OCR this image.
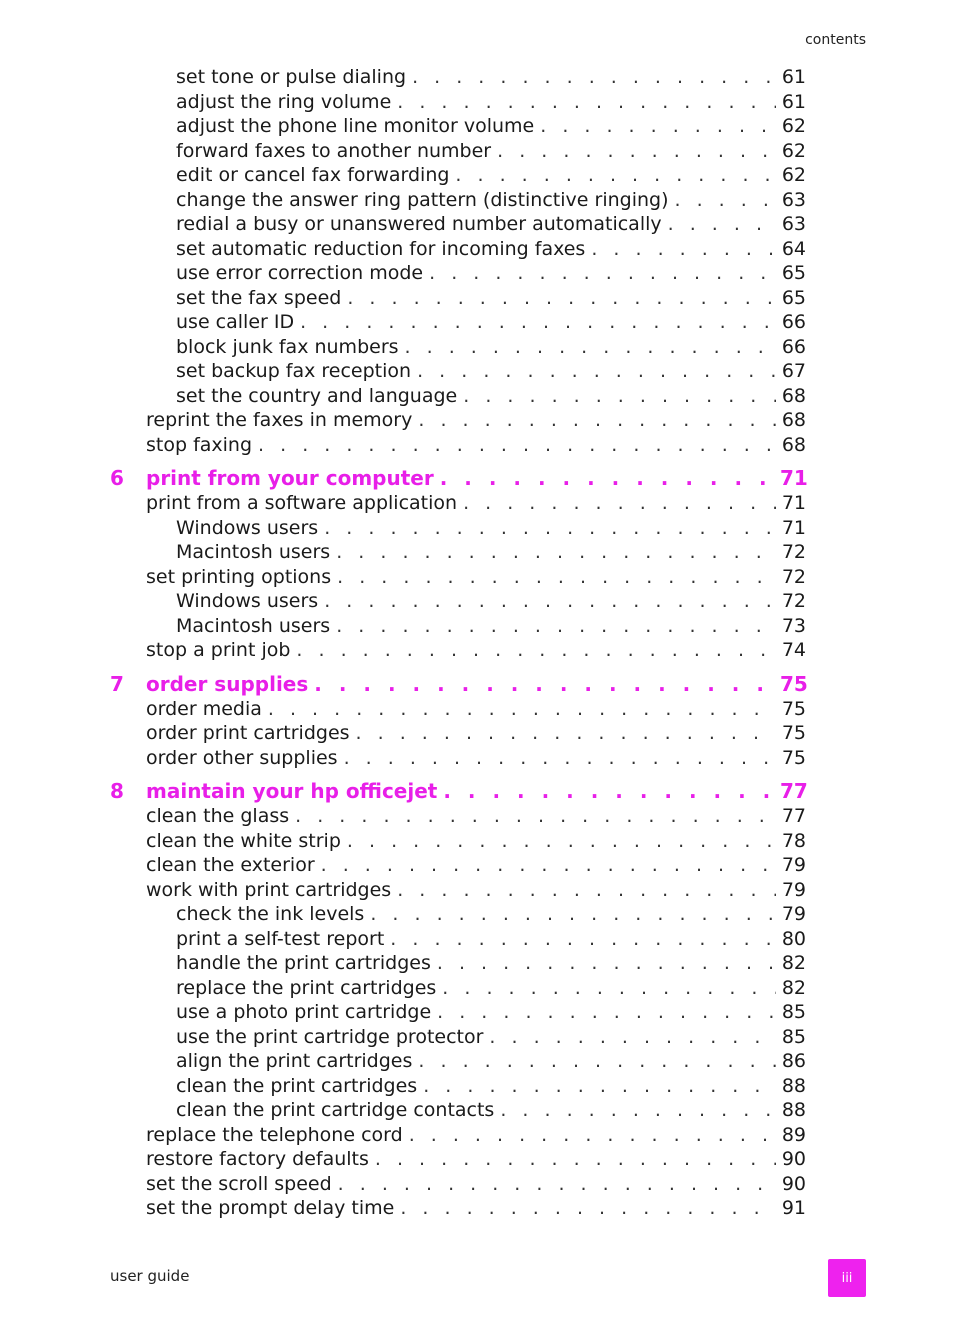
contents
set tone or pulse dialing . . .	61
adjust the ring volume . . .	61
adjust the phone line monitor volume . . .	62
forward faxes to another number . . .	62
edit or cancel fax forwarding . . .	62
change the answer ring pattern (distinctive ringing) . . .	63
redial a busy or unanswered number automatically . . .	63
set automatic reduction for incoming faxes . . .	64
use error correction mode . . .	65
set the fax speed . . .	65
use caller ID . . .	66
block junk fax numbers . . .	66
set backup fax reception . . .	67
set the country and language . . .	68
reprint the faxes in memory . . .	68
stop faxing . . .	68
6	print from your computer . . .	71
print from a software application . . .	71
Windows users . . .	71
Macintosh users . . .	72
set printing options . . .	72
Windows users . . .	72
Macintosh users . . .	73
stop a print job . . .	74
7	order supplies . . .	75
order media . . .	75
order print cartridges . . .	75
order other supplies . . .	75
8	maintain your hp officejet . . .	77
clean the glass . . .	77
clean the white strip . . .	78
clean the exterior . . .	79
work with print cartridges . . .	79
check the ink levels . . .	79
print a self-test report . . .	80
handle the print cartridges . . .	82
replace the print cartridges . . .	82
use a photo print cartridge . . .	85
use the print cartridge protector . . .	85
align the print cartridges . . .	86
clean the print cartridges . . .	88
clean the print cartridge contacts . . .	88
replace the telephone cord . . .	89
restore factory defaults . . .	90
set the scroll speed . . .	90
set the prompt delay time . . .	91
user guide	iii
